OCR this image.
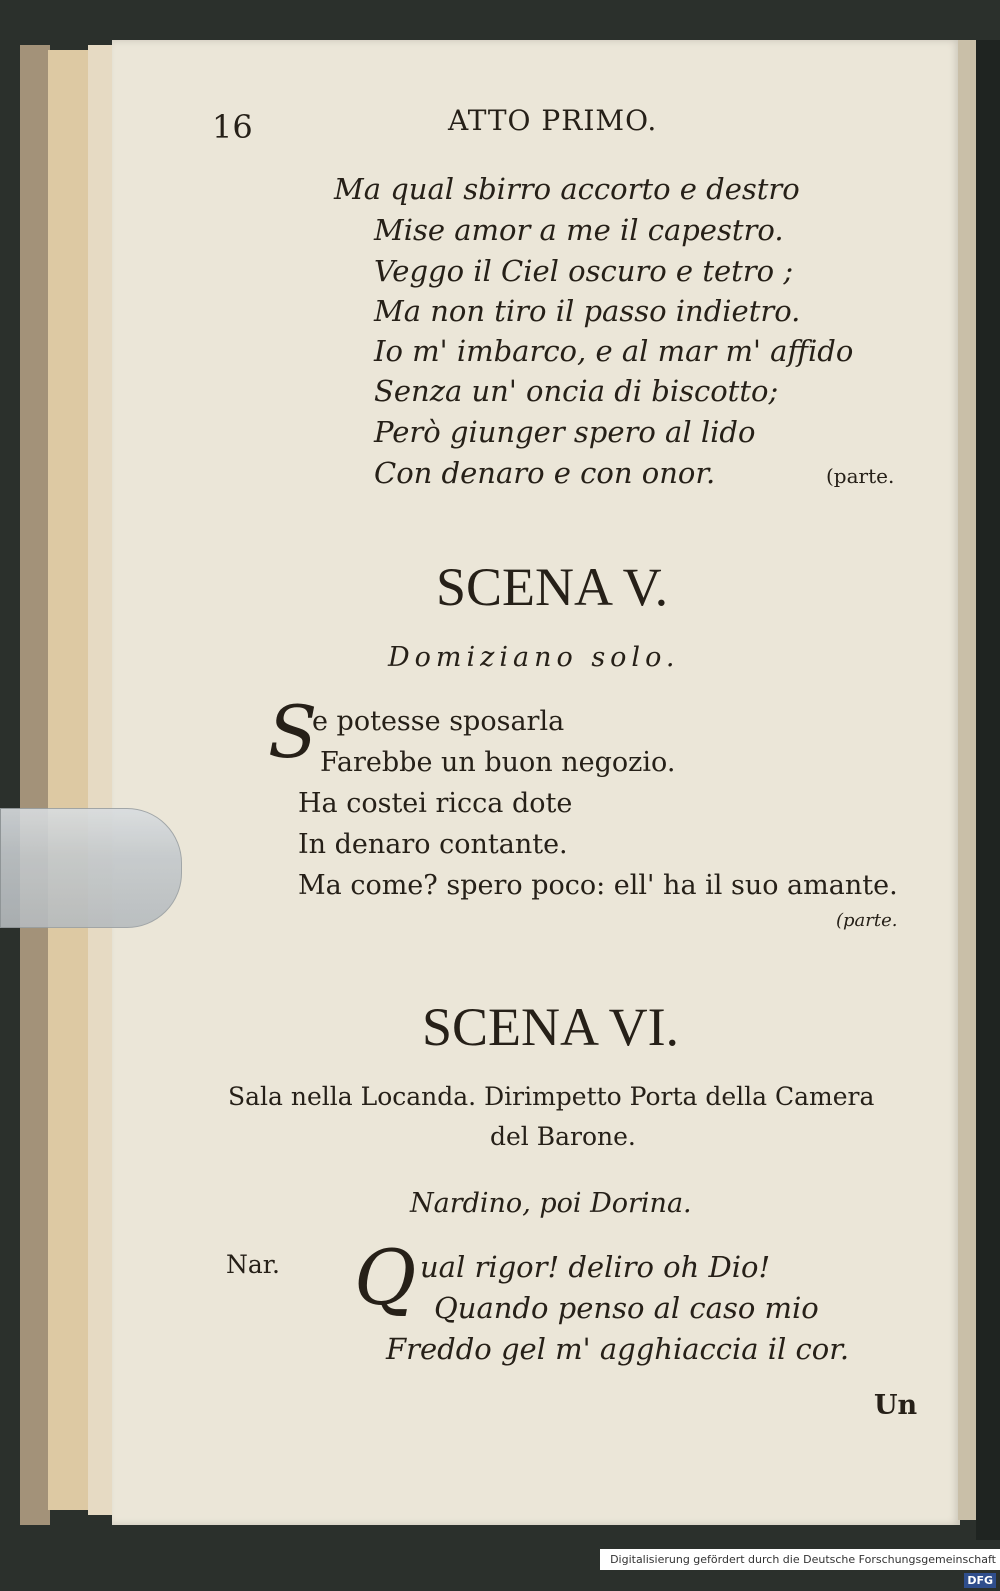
16	ATTO PRIMO.
Ma qual sbirro accorto e destro
Mise amor a me il capestro.
Veggo il Ciel oscuro e tetro ;
Ma non tiro il passo indietro.
Io m' imbarco, e al mar m' affido
Senza un' oncia di biscotto;
Però giunger spero al lido
Con denaro e con onor.	(parte.
SCENA V.
Domiziano solo.
S
e potesse sposarla
Farebbe un buon negozio.
Ha costei ricca dote
In denaro contante.
Ma come? spero poco: ell' ha il suo amante.
(parte.
SCENA VI.
Sala nella Locanda. Dirimpetto Porta della Camera
del Barone.
Nardino, poi Dorina.
Nar. Q ual rigor! deliro oh Dio!
Quando penso al caso mio
Freddo gel m' agghiaccia il cor.
Un
Digitalisierung gefördert durch die Deutsche Forschungsgemeinschaft DFG
